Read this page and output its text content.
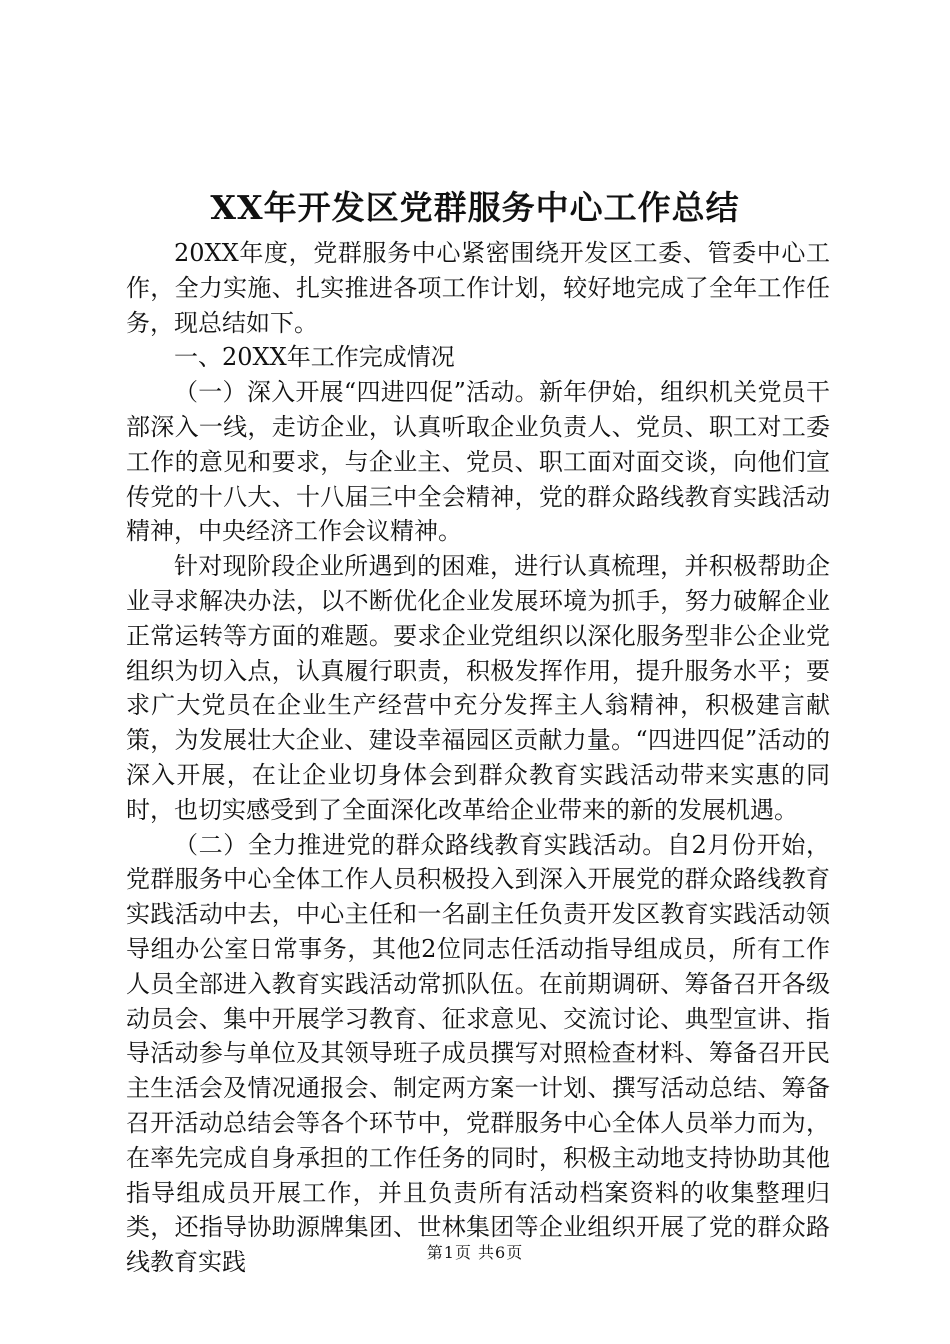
XX年开发区党群服务中心工作总结

20XX年度，党群服务中心紧密围绕开发区工委、管委中心工作，全力实施、扎实推进各项工作计划，较好地完成了全年工作任务，现总结如下。

一、20XX年工作完成情况

（一）深入开展“四进四促”活动。新年伊始，组织机关党员干部深入一线，走访企业，认真听取企业负责人、党员、职工对工委工作的意见和要求，与企业主、党员、职工面对面交谈，向他们宣传党的十八大、十八届三中全会精神，党的群众路线教育实践活动精神，中央经济工作会议精神。

针对现阶段企业所遇到的困难，进行认真梳理，并积极帮助企业寻求解决办法，以不断优化企业发展环境为抓手，努力破解企业正常运转等方面的难题。要求企业党组织以深化服务型非公企业党组织为切入点，认真履行职责，积极发挥作用，提升服务水平；要求广大党员在企业生产经营中充分发挥主人翁精神，积极建言献策，为发展壮大企业、建设幸福园区贡献力量。“四进四促”活动的深入开展，在让企业切身体会到群众教育实践活动带来实惠的同时，也切实感受到了全面深化改革给企业带来的新的发展机遇。

（二）全力推进党的群众路线教育实践活动。自2月份开始，党群服务中心全体工作人员积极投入到深入开展党的群众路线教育实践活动中去，中心主任和一名副主任负责开发区教育实践活动领导组办公室日常事务，其他2位同志任活动指导组成员，所有工作人员全部进入教育实践活动常抓队伍。在前期调研、筹备召开各级动员会、集中开展学习教育、征求意见、交流讨论、典型宣讲、指导活动参与单位及其领导班子成员撰写对照检查材料、筹备召开民主生活会及情况通报会、制定两方案一计划、撰写活动总结、筹备召开活动总结会等各个环节中，党群服务中心全体人员举力而为，在率先完成自身承担的工作任务的同时，积极主动地支持协助其他指导组成员开展工作，并且负责所有活动档案资料的收集整理归类，还指导协助源牌集团、世林集团等企业组织开展了党的群众路线教育实践	第1页 共6页
